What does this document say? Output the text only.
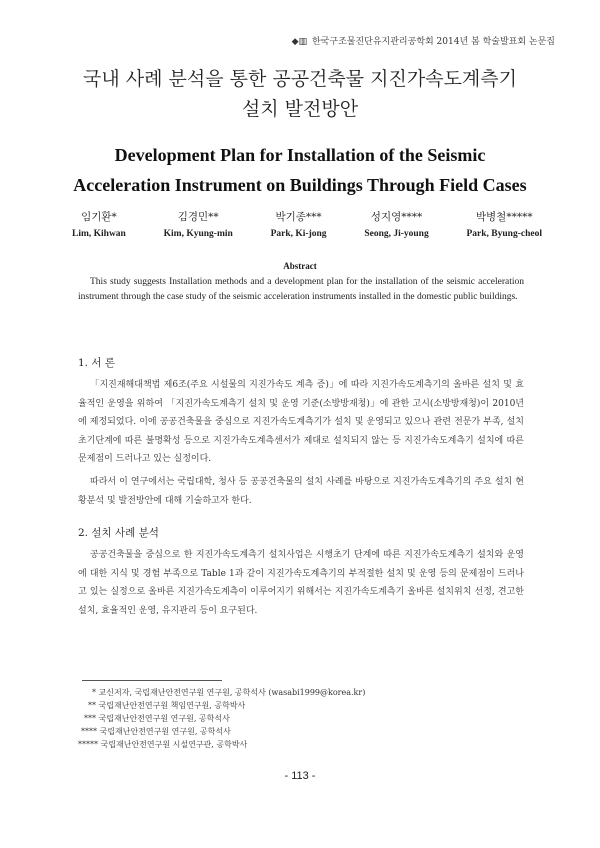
◆▥ 한국구조물진단유지관리공학회 2014년 봄 학술발표회 논문집
국내 사례 분석을 통한 공공건축물 지진가속도계측기
설치 발전방안
Development Plan for Installation of the Seismic
Acceleration Instrument on Buildings Through Field Cases
임기환*
Lim, Kihwan
김경민**
Kim, Kyung-min
박기종***
Park, Ki-jong
성지영****
Seong, Ji-young
박병철*****
Park, Byung-cheol
Abstract
This study suggests Installation methods and a development plan for the installation of the seismic acceleration instrument through the case study of the seismic acceleration instruments installed in the domestic public buildings.
1. 서 론
「지진재해대책법 제6조(주요 시설물의 지진가속도 계측 증)」에 따라 지진가속도계측기의 올바른 설치 및 효율적인 운영을 위하여 「지진가속도계측기 설치 및 운영 기준(소방방재청)」에 관한 고시(소방방재청)이 2010년에 제정되었다. 이에 공공건축물을 중심으로 지진가속도계측기가 설치 및 운영되고 있으나 관련 전문가 부족, 설치 초기단계에 따른 불명확성 등으로 지진가속도계측센서가 제대로 설치되지 않는 등 지진가속도계측기 설치에 따른 문제점이 드러나고 있는 실정이다.
따라서 이 연구에서는 국립대학, 청사 등 공공건축물의 설치 사례를 바탕으로 지진가속도계측기의 주요 설치 현황분석 및 발전방안에 대해 기술하고자 한다.
2. 설치 사례 분석
공공건축물을 중심으로 한 지진가속도계측기 설치사업은 시행초기 단계에 따른 지진가속도계측기 설치와 운영에 대한 지식 및 경험 부족으로 Table 1과 같이 지진가속도계측기의 부적절한 설치 및 운영 등의 문제점이 드러나고 있는 실정으로 올바른 지진가속도계측이 이루어지기 위해서는 지진가속도계측기 올바른 설치위치 선정, 견고한 설치, 효율적인 운영, 유지관리 등이 요구된다.
* 교신저자, 국립재난안전연구원 연구원, 공학석사 (wasabi1999@korea.kr)
** 국립재난안전연구원 책임연구원, 공학박사
*** 국립재난안전연구원 연구원, 공학석사
**** 국립재난안전연구원 연구원, 공학석사
***** 국립재난안전연구원 시설연구관, 공학박사
- 113 -
